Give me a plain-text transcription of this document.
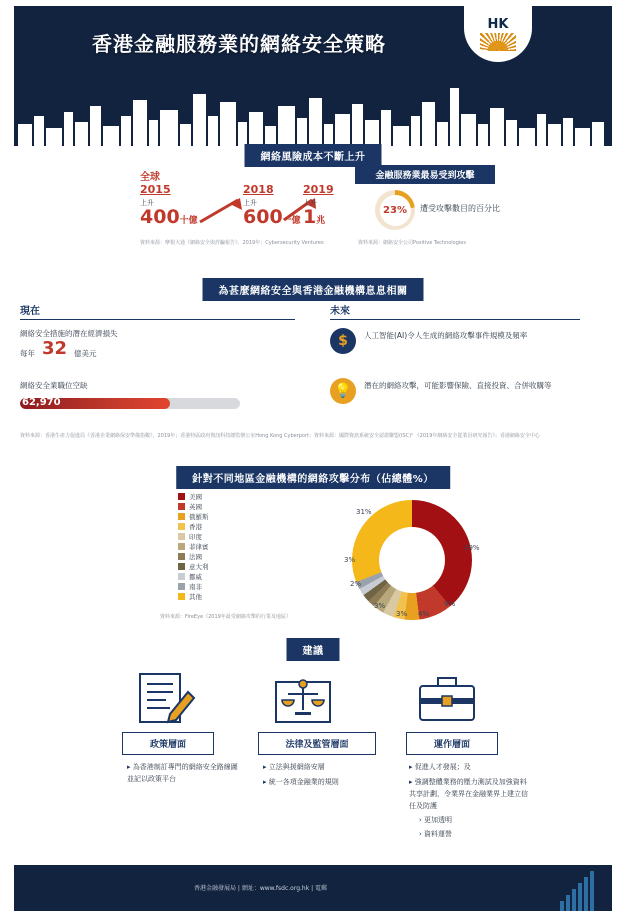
香港金融服務業的網絡安全策略
HK
網絡風險成本不斷上升
全球
2015
上升
400十億
2018
上升
600一億
2019
上升
1兆
資料來源：摩根大通《網絡安全與詐騙報告》，2019年；Cybersecurity Ventures
金融服務業最易受到攻擊
23%	遭受攻擊數目的百分比
資料來源：網絡安全公司Positive Technologies
為甚麼網絡安全與香港金融機構息息相關
現在	未來
網絡安全措施的潛在經濟損失
每年 32 億美元
網絡安全業職位空缺
62,970
$	人工智能(AI)令人生成的網絡攻擊事件規模及頻率
💡	潛在的網絡攻擊，可能影響保險、直接投資、合併收購等
資料來源：香港生產力促進局《香港企業網絡保安準備指數》，2019年；香港特區政府資訊科技總監辦公室Hong Kong Cyberport；資料來源：國際資訊系統安全認證聯盟(ISC)² 《2019年網絡安全從業員研究報告》；香港網絡安全中心
針對不同地區金融機構的網絡攻擊分布（佔總體%）
美國
英國
俄羅斯
香港
印度
菲律賓
法國
意大利
挪威
南非
其他
39%
9%
4%
3%
3%
2%
3%
31%
資料來源：FireEye《2019年最受網絡攻擊的行業及地區》
建議
政策層面
▸ 為香港制訂專門的網絡安全路線圖並記以政策平台
法律及監管層面
▸ 立法與援網絡安層
▸ 統一各項金融業的規則
運作層面
▸ 促進人才發展；及
▸ 強調整體業務的壓力測試及加強資料共享計劃，令業界在金融業界上建立信任及防護
› 更加透明
› 資料運營
香港金融發展局 | 網址：www.fsdc.org.hk | 電郵
